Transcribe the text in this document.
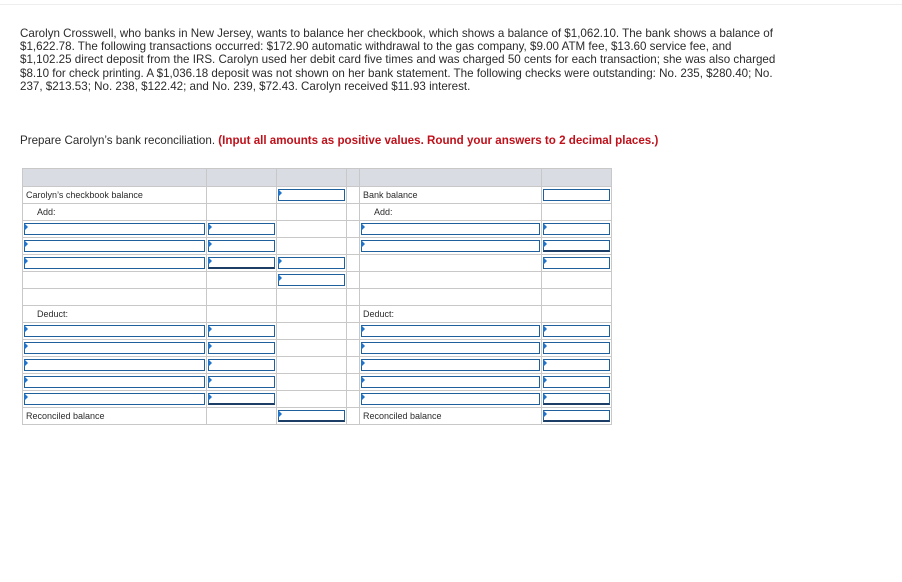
Carolyn Crosswell, who banks in New Jersey, wants to balance her checkbook, which shows a balance of $1,062.10. The bank shows a balance of $1,622.78. The following transactions occurred: $172.90 automatic withdrawal to the gas company, $9.00 ATM fee, $13.60 service fee, and $1,102.25 direct deposit from the IRS. Carolyn used her debit card five times and was charged 50 cents for each transaction; she was also charged $8.10 for check printing. A $1,036.18 deposit was not shown on her bank statement. The following checks were outstanding: No. 235, $280.40; No. 237, $213.53; No. 238, $122.42; and No. 239, $72.43. Carolyn received $11.93 interest.

Prepare Carolyn’s bank reconciliation. (Input all amounts as positive values. Round your answers to 2 decimal places.)

Carolyn’s checkbook balance				Bank balance	

Add:				Add:	

Deduct:				Deduct:	

Reconciled balance				Reconciled balance	
